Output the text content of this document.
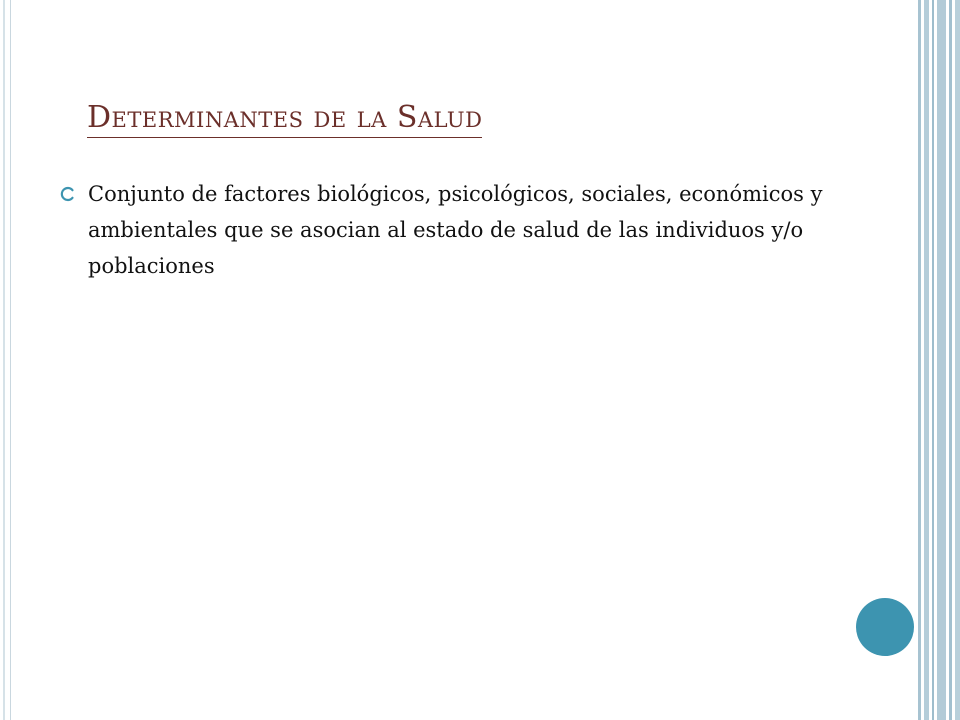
Determinantes de la Salud
Conjunto de factores biológicos, psicológicos, sociales, económicos y ambientales que se asocian al estado de salud de las individuos y/o poblaciones
